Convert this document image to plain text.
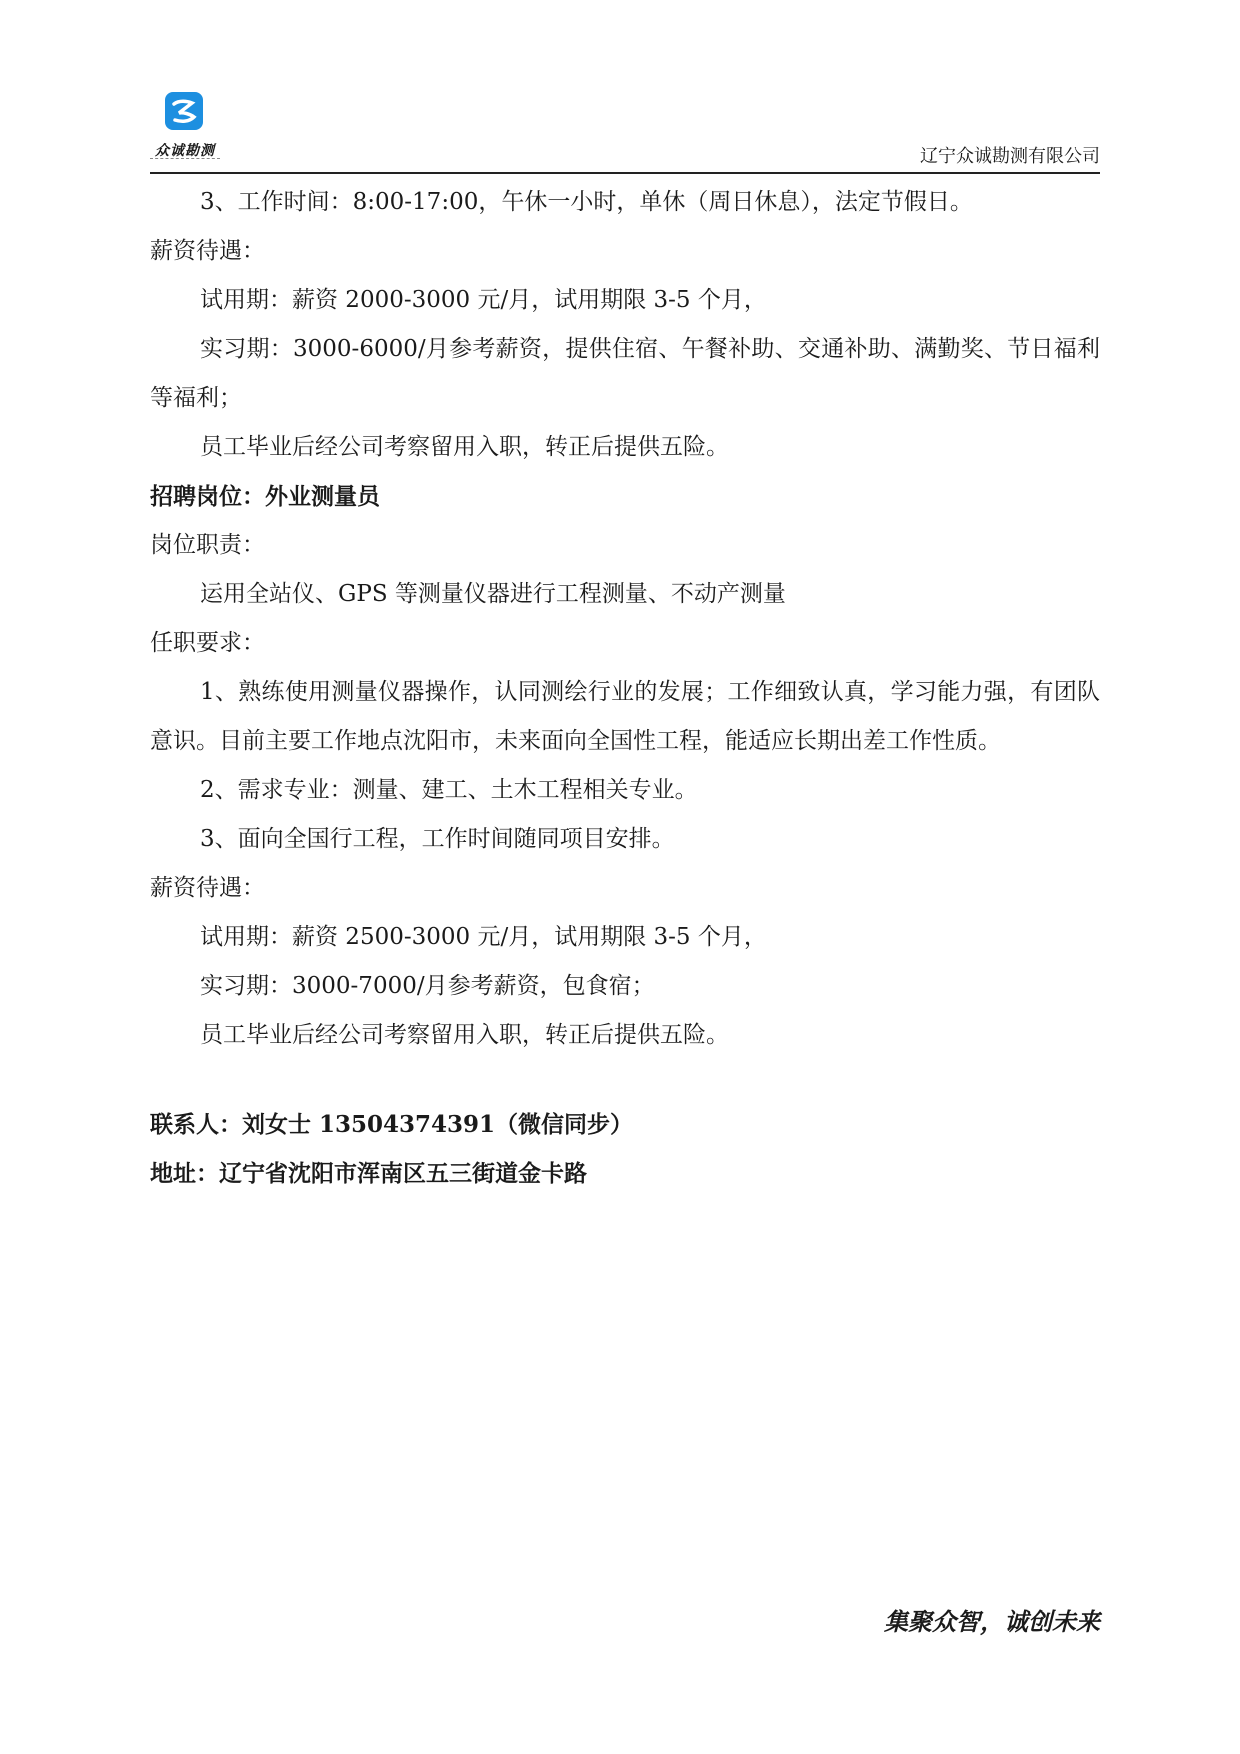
众诚勘测	辽宁众诚勘测有限公司

3、工作时间：8:00-17:00，午休一小时，单休（周日休息），法定节假日。

薪资待遇：

试用期：薪资 2000-3000 元/月，试用期限 3-5 个月，

实习期：3000-6000/月参考薪资，提供住宿、午餐补助、交通补助、满勤奖、节日福利等福利；

员工毕业后经公司考察留用入职，转正后提供五险。

招聘岗位：外业测量员

岗位职责：

运用全站仪、GPS 等测量仪器进行工程测量、不动产测量

任职要求：

1、熟练使用测量仪器操作，认同测绘行业的发展；工作细致认真，学习能力强，有团队意识。目前主要工作地点沈阳市，未来面向全国性工程，能适应长期出差工作性质。

2、需求专业：测量、建工、土木工程相关专业。

3、面向全国行工程，工作时间随同项目安排。

薪资待遇：

试用期：薪资 2500-3000 元/月，试用期限 3-5 个月，

实习期：3000-7000/月参考薪资，包食宿；

员工毕业后经公司考察留用入职，转正后提供五险。

联系人：刘女士 13504374391（微信同步）

地址：辽宁省沈阳市浑南区五三街道金卡路

集聚众智，诚创未来
